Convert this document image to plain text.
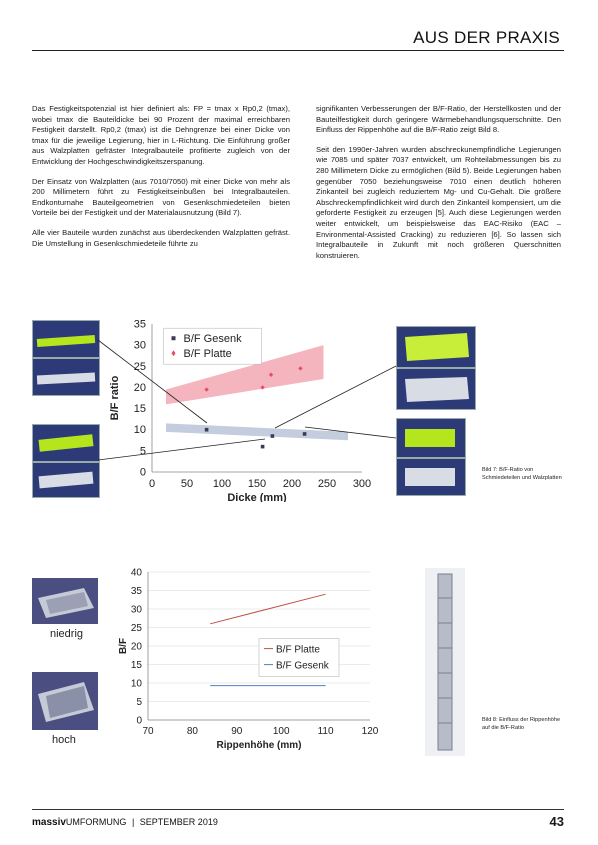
AUS DER PRAXIS

Das Festigkeitspotenzial ist hier definiert als: FP = tmax x Rp0,2 (tmax), wobei tmax die Bauteildicke bei 90 Prozent der maximal erreichbaren Festigkeit darstellt. Rp0,2 (tmax) ist die Dehngrenze bei einer Dicke von tmax für die jeweilige Legierung, hier in L-Richtung. Die Einführung großer aus Walzplatten gefräster Integralbauteile profitierte zugleich von der Entwicklung der Hochgeschwindigkeitszerspanung.

Der Einsatz von Walzplatten (aus 7010/7050) mit einer Dicke von mehr als 200 Millimetern führt zu Festigkeitseinbußen bei Integralbauteilen. Endkonturnahe Bauteilgeometrien von Gesenkschmiedeteilen bieten Vorteile bei der Festigkeit und der Materialausnutzung (Bild 7).

Alle vier Bauteile wurden zunächst aus überdeckenden Walzplatten gefräst. Die Umstellung in Gesenkschmiedeteile führte zu

signifikanten Verbesserungen der B/F-Ratio, der Herstellkosten und der Bauteilfestigkeit durch geringere Wärmebehandlungsquerschnitte. Den Einfluss der Rippenhöhe auf die B/F-Ratio zeigt Bild 8.

Seit den 1990er-Jahren wurden abschreckunempfindliche Legierungen wie 7085 und später 7037 entwickelt, um Rohteilabmessungen bis zu 280 Millimetern Dicke zu ermöglichen (Bild 5). Beide Legierungen haben gegenüber 7050 beziehungsweise 7010 einen deutlich höheren Zinkanteil bei zugleich reduziertem Mg- und Cu-Gehalt. Die größere Abschreckempfindlichkeit wird durch den Zinkanteil kompensiert, um die geforderte Festigkeit zu erzeugen [5]. Auch diese Legierungen werden weiter entwickelt, um beispielsweise das EAC-Risiko (EAC – Environmental-Assisted Cracking) zu reduzieren [6]. So lassen sich Integralbauteile in Zukunft mit noch größeren Querschnitten konstruieren.

Bild 7: B/F-Ratio von Schmiedeteilen und Walzplatten
0
5
10
15
20
25
30
35
0 50 100 150 200 250 300
Dicke (mm)
B/F ratio
B/F Gesenk
B/F Platte
niedrig
hoch
0
5
10
15
20
25
30
35
40
70	80	90	100	110	120
Rippenhöhe (mm)
B/F	B/F Platte
B/F Gesenk
Bild 8: Einfluss der Rippenhöhe auf die B/F-Ratio
massivUMFORMUNG | SEPTEMBER 2019	43
